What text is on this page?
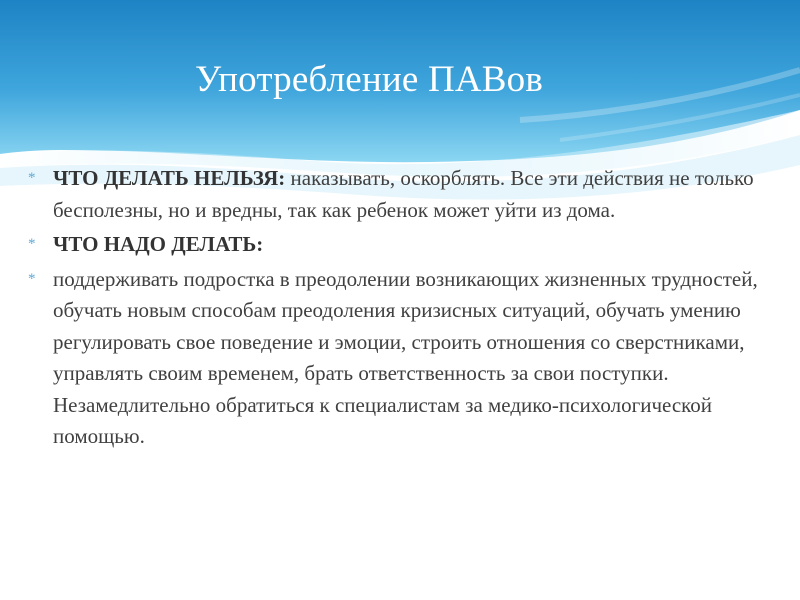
Употребление ПАВов
* ЧТО ДЕЛАТЬ НЕЛЬЗЯ: наказывать, оскорблять. Все эти действия не только бесполезны, но и вредны, так как ребенок может уйти из дома.
* ЧТО НАДО ДЕЛАТЬ:
* поддерживать подростка в преодолении возникающих жизненных трудностей, обучать новым способам преодоления кризисных ситуаций, обучать умению регулировать свое поведение и эмоции, строить отношения со сверстниками, управлять своим временем, брать ответственность за свои поступки. Незамедлительно обратиться к специалистам за медико-психологической помощью.
